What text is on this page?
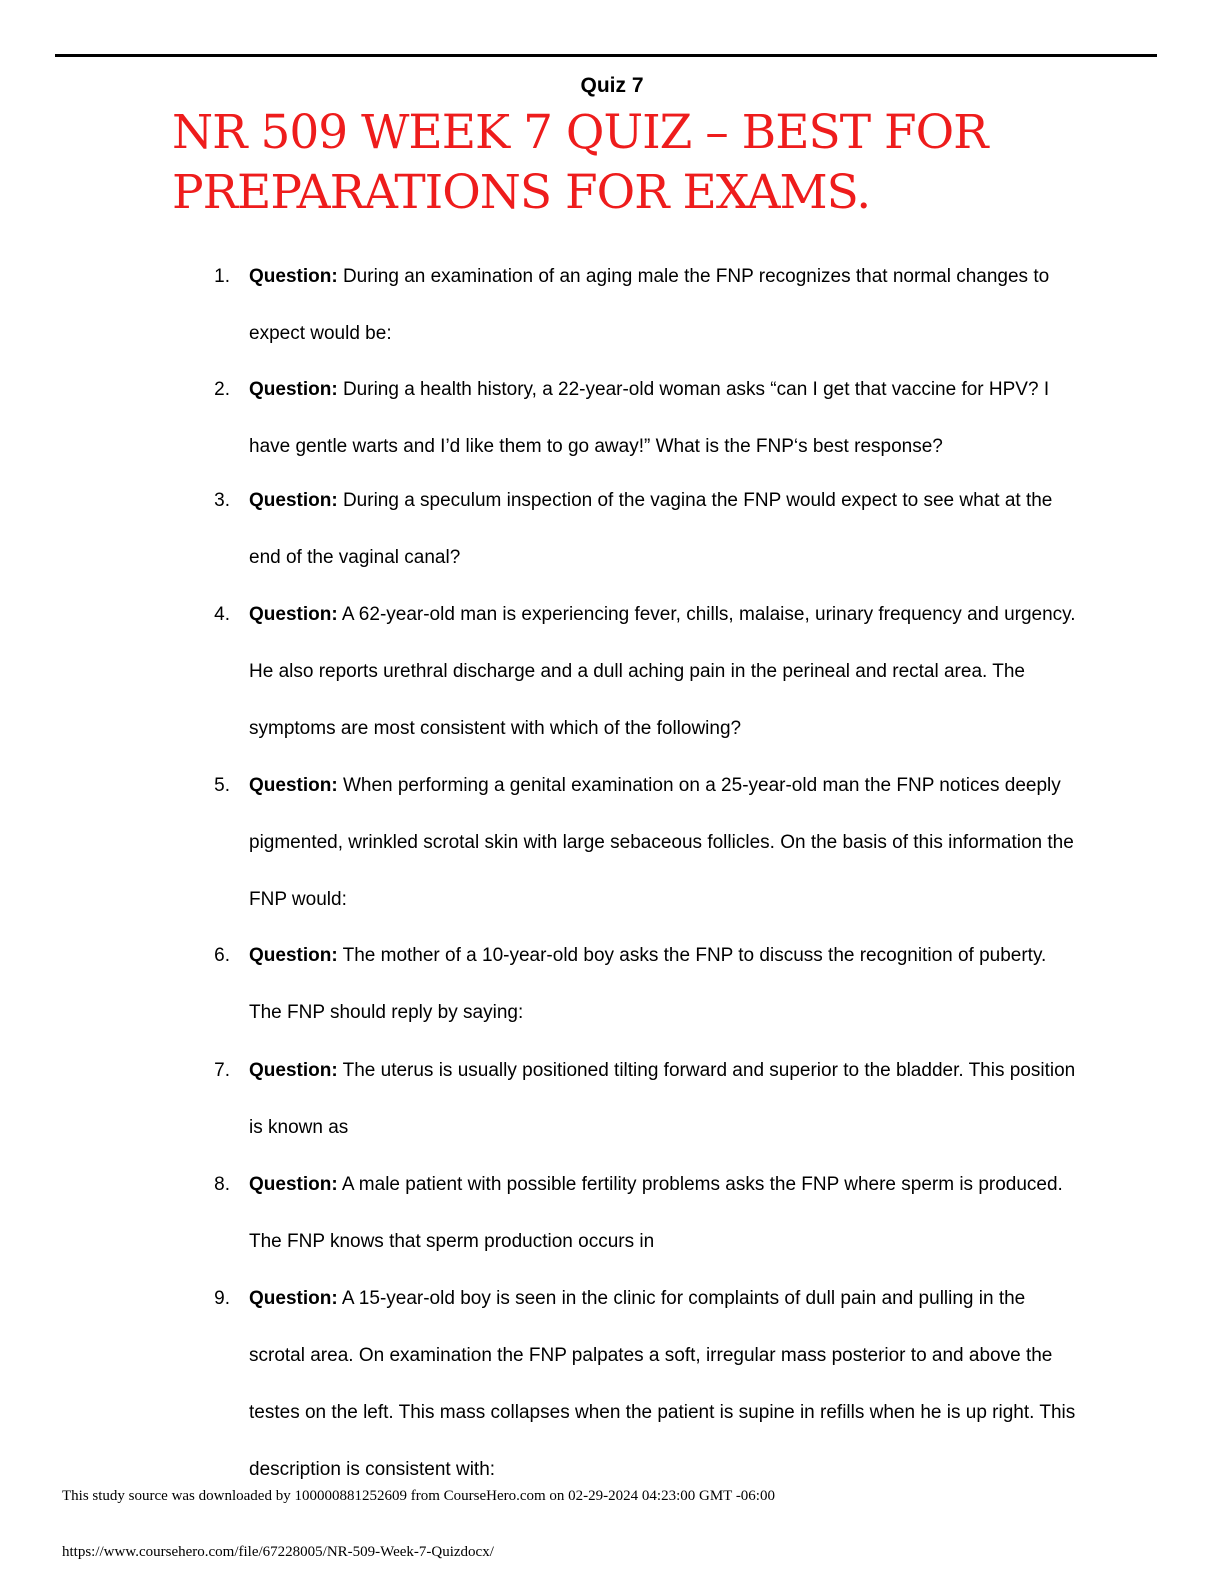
Quiz 7
NR 509 WEEK 7 QUIZ – BEST FOR
PREPARATIONS FOR EXAMS.
1. Question: During an examination of an aging male the FNP recognizes that normal changes to expect would be:

2. Question: During a health history, a 22-year-old woman asks “can I get that vaccine for HPV? I have gentle warts and I’d like them to go away!” What is the FNP‘s best response?

3. Question: During a speculum inspection of the vagina the FNP would expect to see what at the end of the vaginal canal?

4. Question: A 62-year-old man is experiencing fever, chills, malaise, urinary frequency and urgency. He also reports urethral discharge and a dull aching pain in the perineal and rectal area. The symptoms are most consistent with which of the following?

5. Question: When performing a genital examination on a 25-year-old man the FNP notices deeply pigmented, wrinkled scrotal skin with large sebaceous follicles. On the basis of this information the FNP would:

6. Question: The mother of a 10-year-old boy asks the FNP to discuss the recognition of puberty. The FNP should reply by saying:

7. Question: The uterus is usually positioned tilting forward and superior to the bladder. This position is known as

8. Question: A male patient with possible fertility problems asks the FNP where sperm is produced. The FNP knows that sperm production occurs in

9. Question: A 15-year-old boy is seen in the clinic for complaints of dull pain and pulling in the scrotal area. On examination the FNP palpates a soft, irregular mass posterior to and above the testes on the left. This mass collapses when the patient is supine in refills when he is up right. This description is consistent with:

This study source was downloaded by 100000881252609 from CourseHero.com on 02-29-2024 04:23:00 GMT -06:00
https://www.coursehero.com/file/67228005/NR-509-Week-7-Quizdocx/
